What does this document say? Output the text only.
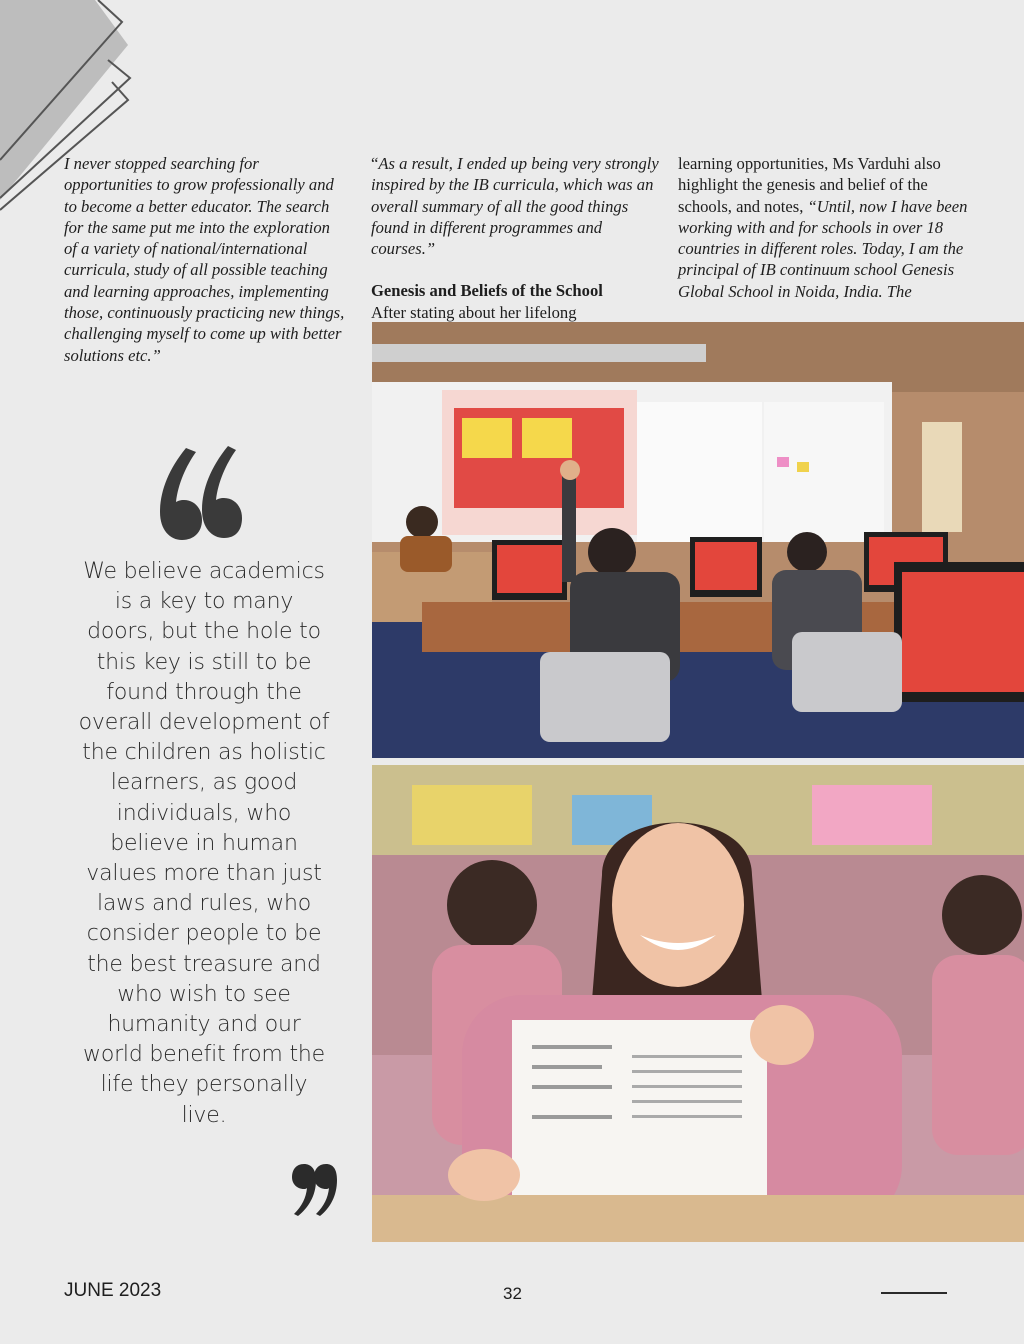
I never stopped searching for opportunities to grow professionally and to become a better educator. The search for the same put me into the exploration of a variety of national/international curricula, study of all possible teaching and learning approaches, implementing those, continuously practicing new things, challenging myself to come up with better solutions etc.”

“As a result, I ended up being very strongly inspired by the IB curricula, which was an overall summary of all the good things found in different programmes and courses.”

Genesis and Beliefs of the School

After stating about her lifelong

learning opportunities, Ms Varduhi also highlight the genesis and belief of the schools, and notes, “Until, now I have been working with and for schools in over 18 countries in different roles. Today, I am the principal of IB continuum school Genesis Global School in Noida, India. The

We believe academics is a key to many doors, but the hole to this key is still to be found through the overall development of the children as holistic learners, as good individuals, who believe in human values more than just laws and rules, who consider people to be the best treasure and who wish to see humanity and our world benefit from the life they personally live.
JUNE 2023	32
